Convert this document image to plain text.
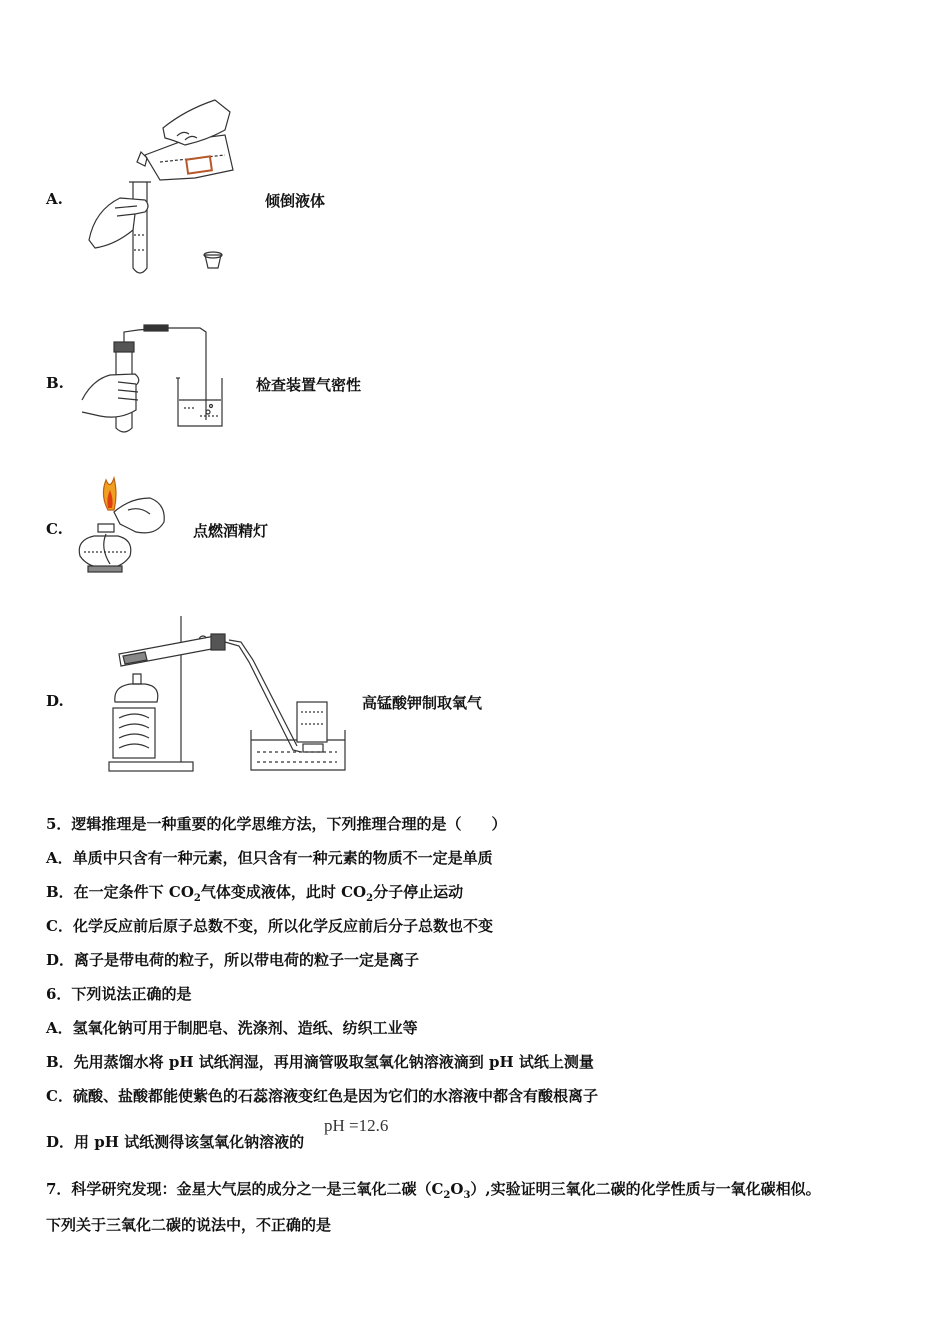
A.	倾倒液体
B.	检查装置气密性
C.	点燃酒精灯
D.	高锰酸钾制取氧气
5．逻辑推理是一种重要的化学思维方法，下列推理合理的是（　　）
A．单质中只含有一种元素，但只含有一种元素的物质不一定是单质
B．在一定条件下 $CO_2$气体变成液体，此时 $CO_2$分子停止运动
C．化学反应前后原子总数不变，所以化学反应前后分子总数也不变
D．离子是带电荷的粒子，所以带电荷的粒子一定是离子
6．下列说法正确的是
A．氢氧化钠可用于制肥皂、洗涤剂、造纸、纺织工业等
B．先用蒸馏水将 pH 试纸润湿，再用滴管吸取氢氧化钠溶液滴到 pH 试纸上测量
C．硫酸、盐酸都能使紫色的石蕊溶液变红色是因为它们的水溶液中都含有酸根离子
D．用 pH 试纸测得该氢氧化钠溶液的
pH =12.6
7．科学研究发现：金星大气层的成分之一是三氧化二碳$(C_2O_3)$,实验证明三氧化二碳的化学性质与一氧化碳相似。
下列关于三氧化二碳的说法中，不正确的是
